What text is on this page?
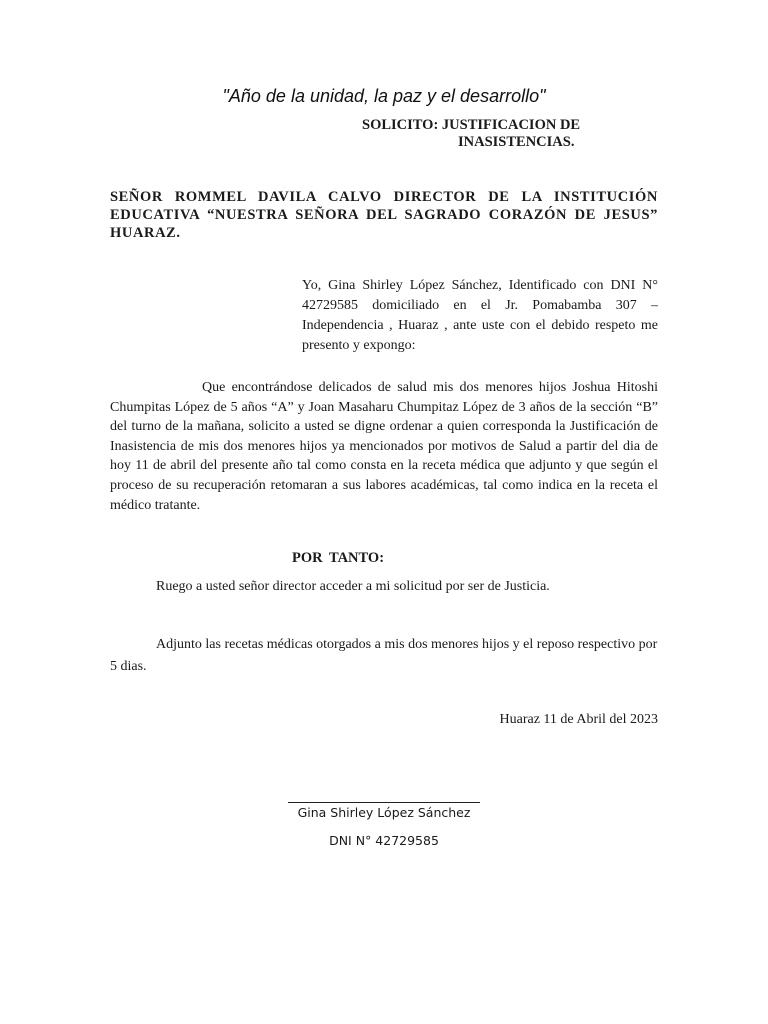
"Año de la unidad, la paz y el desarrollo"
SOLICITO: JUSTIFICACION DE
INASISTENCIAS.
SEÑOR ROMMEL DAVILA CALVO DIRECTOR DE LA INSTITUCIÓN EDUCATIVA “NUESTRA SEÑORA DEL SAGRADO CORAZÓN DE JESUS” HUARAZ.
Yo, Gina Shirley López Sánchez, Identificado con DNI N° 42729585 domiciliado en el Jr. Pomabamba 307 – Independencia , Huaraz , ante uste con el debido respeto me presento y expongo:
Que encontrándose delicados de salud mis dos menores hijos Joshua Hitoshi Chumpitas López de 5 años “A” y Joan Masaharu Chumpitaz López de 3 años de la sección “B” del turno de la mañana, solicito a usted se digne ordenar a quien corresponda la Justificación de Inasistencia de mis dos menores hijos ya mencionados por motivos de Salud a partir del dia de hoy 11 de abril del presente año tal como consta en la receta médica que adjunto y que según el proceso de su recuperación retomaran a sus labores académicas, tal como indica en la receta el médico tratante.
POR TANTO:
Ruego a usted señor director acceder a mi solicitud por ser de Justicia.
Adjunto las recetas médicas otorgados a mis dos menores hijos y el reposo respectivo por 5 dias.
Huaraz 11 de Abril del 2023
Gina Shirley López Sánchez
DNI N° 42729585
